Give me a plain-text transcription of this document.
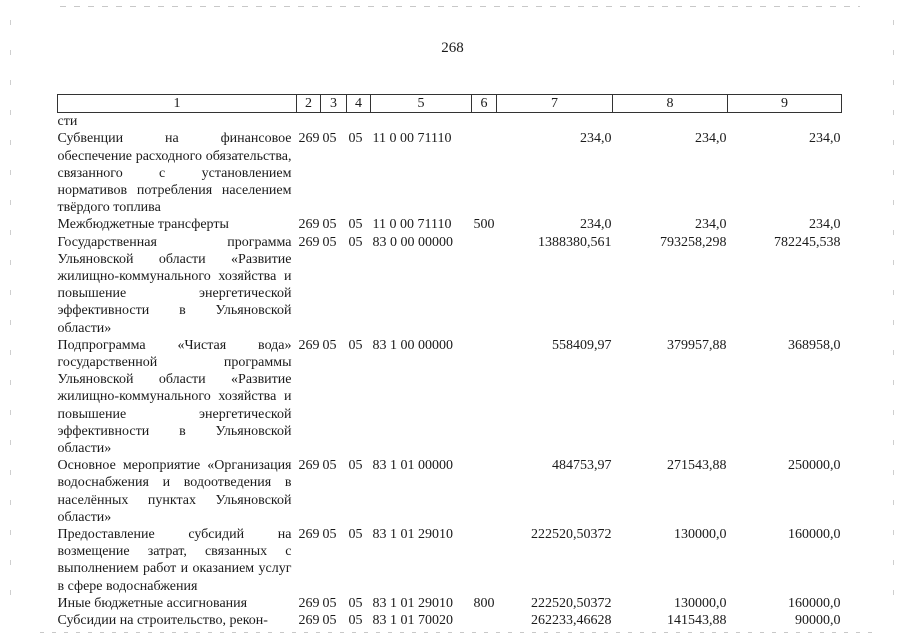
268
1	2	3	4	5	6	7	8	9
сти								
Субвенции на финансовое обеспечение расходного обязательства, связанного с установлением нормативов потребления населением твёрдого топлива	269	05	05	11 0 00 71110		234,0	234,0	234,0
Межбюджетные трансферты	269	05	05	11 0 00 71110	500	234,0	234,0	234,0
Государственная программа Ульяновской области «Развитие жилищно-коммунального хозяйства и повышение энергетической эффективности в Ульяновской области»	269	05	05	83 0 00 00000		1388380,561	793258,298	782245,538
Подпрограмма «Чистая вода» государственной программы Ульяновской области «Развитие жилищно-коммунального хозяйства и повышение энергетической эффективности в Ульяновской области»	269	05	05	83 1 00 00000		558409,97	379957,88	368958,0
Основное мероприятие «Организация водоснабжения и водоотведения в населённых пунктах Ульяновской области»	269	05	05	83 1 01 00000		484753,97	271543,88	250000,0
Предоставление субсидий на возмещение затрат, связанных с выполнением работ и оказанием услуг в сфере водоснабжения	269	05	05	83 1 01 29010		222520,50372	130000,0	160000,0
Иные бюджетные ассигнования	269	05	05	83 1 01 29010	800	222520,50372	130000,0	160000,0
Субсидии на строительство, рекон-	269	05	05	83 1 01 70020		262233,46628	141543,88	90000,0
